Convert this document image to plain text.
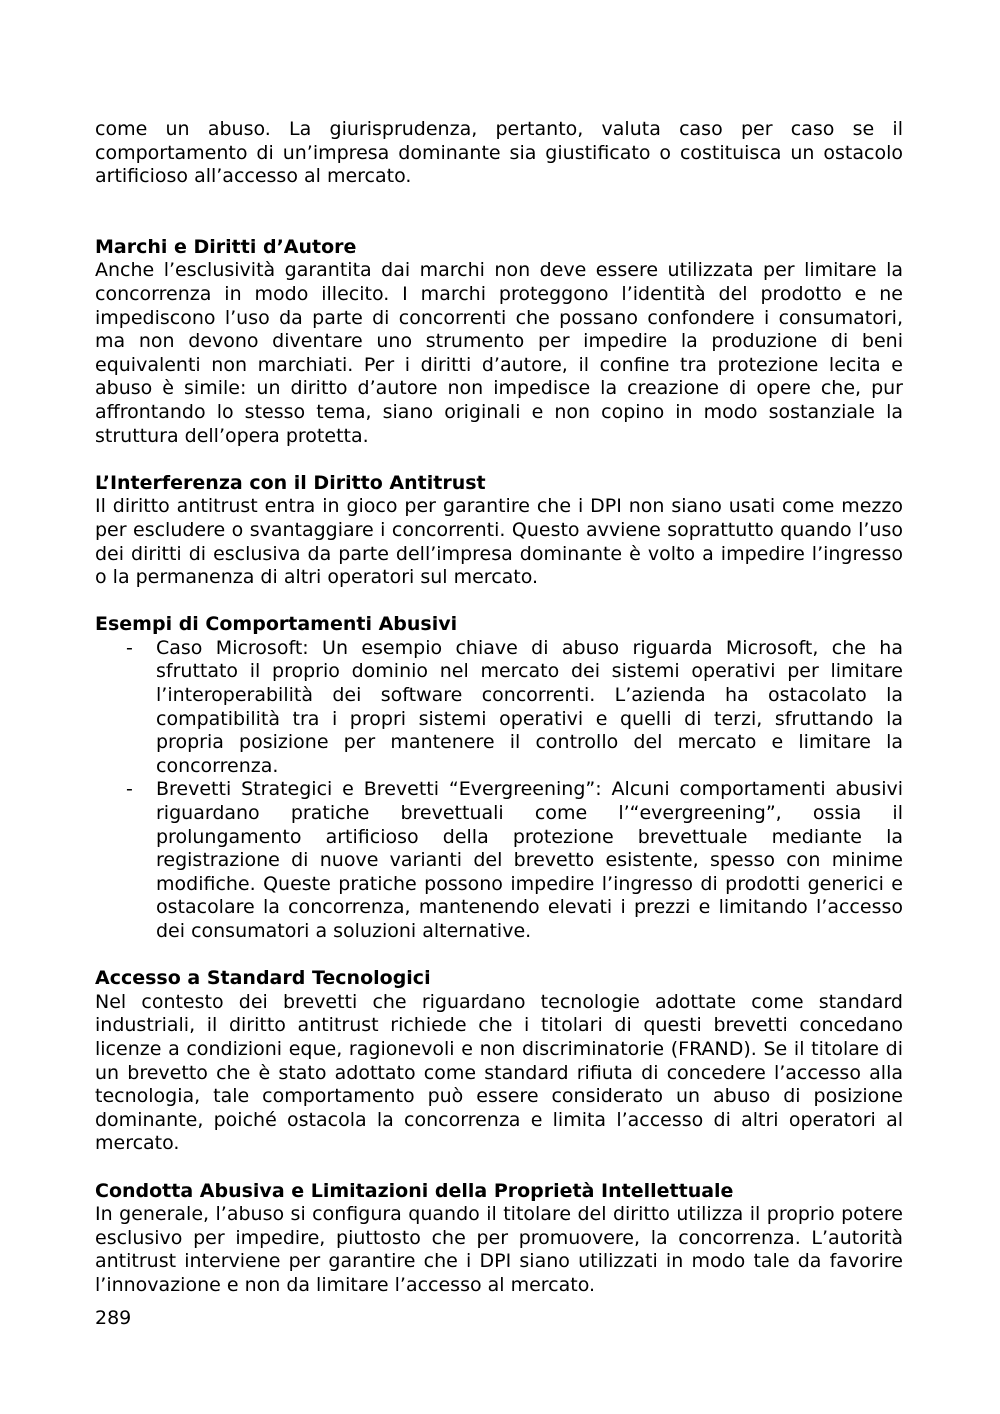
come un abuso. La giurisprudenza, pertanto, valuta caso per caso se il comportamento di un’impresa dominante sia giustificato o costituisca un ostacolo artificioso all’accesso al mercato.

Marchi e Diritti d’Autore

Anche l’esclusività garantita dai marchi non deve essere utilizzata per limitare la concorrenza in modo illecito. I marchi proteggono l’identità del prodotto e ne impediscono l’uso da parte di concorrenti che possano confondere i consumatori, ma non devono diventare uno strumento per impedire la produzione di beni equivalenti non marchiati. Per i diritti d’autore, il confine tra protezione lecita e abuso è simile: un diritto d’autore non impedisce la creazione di opere che, pur affrontando lo stesso tema, siano originali e non copino in modo sostanziale la struttura dell’opera protetta.

L’Interferenza con il Diritto Antitrust

Il diritto antitrust entra in gioco per garantire che i DPI non siano usati come mezzo per escludere o svantaggiare i concorrenti. Questo avviene soprattutto quando l’uso dei diritti di esclusiva da parte dell’impresa dominante è volto a impedire l’ingresso o la permanenza di altri operatori sul mercato.

Esempi di Comportamenti Abusivi
- Caso Microsoft: Un esempio chiave di abuso riguarda Microsoft, che ha sfruttato il proprio dominio nel mercato dei sistemi operativi per limitare l’interoperabilità dei software concorrenti. L’azienda ha ostacolato la compatibilità tra i propri sistemi operativi e quelli di terzi, sfruttando la propria posizione per mantenere il controllo del mercato e limitare la concorrenza.
- Brevetti Strategici e Brevetti “Evergreening”: Alcuni comportamenti abusivi riguardano pratiche brevettuali come l’“evergreening”, ossia il prolungamento artificioso della protezione brevettuale mediante la registrazione di nuove varianti del brevetto esistente, spesso con minime modifiche. Queste pratiche possono impedire l’ingresso di prodotti generici e ostacolare la concorrenza, mantenendo elevati i prezzi e limitando l’accesso dei consumatori a soluzioni alternative.
Accesso a Standard Tecnologici

Nel contesto dei brevetti che riguardano tecnologie adottate come standard industriali, il diritto antitrust richiede che i titolari di questi brevetti concedano licenze a condizioni eque, ragionevoli e non discriminatorie (FRAND). Se il titolare di un brevetto che è stato adottato come standard rifiuta di concedere l’accesso alla tecnologia, tale comportamento può essere considerato un abuso di posizione dominante, poiché ostacola la concorrenza e limita l’accesso di altri operatori al mercato.

Condotta Abusiva e Limitazioni della Proprietà Intellettuale

In generale, l’abuso si configura quando il titolare del diritto utilizza il proprio potere esclusivo per impedire, piuttosto che per promuovere, la concorrenza. L’autorità antitrust interviene per garantire che i DPI siano utilizzati in modo tale da favorire l’innovazione e non da limitare l’accesso al mercato.

289
